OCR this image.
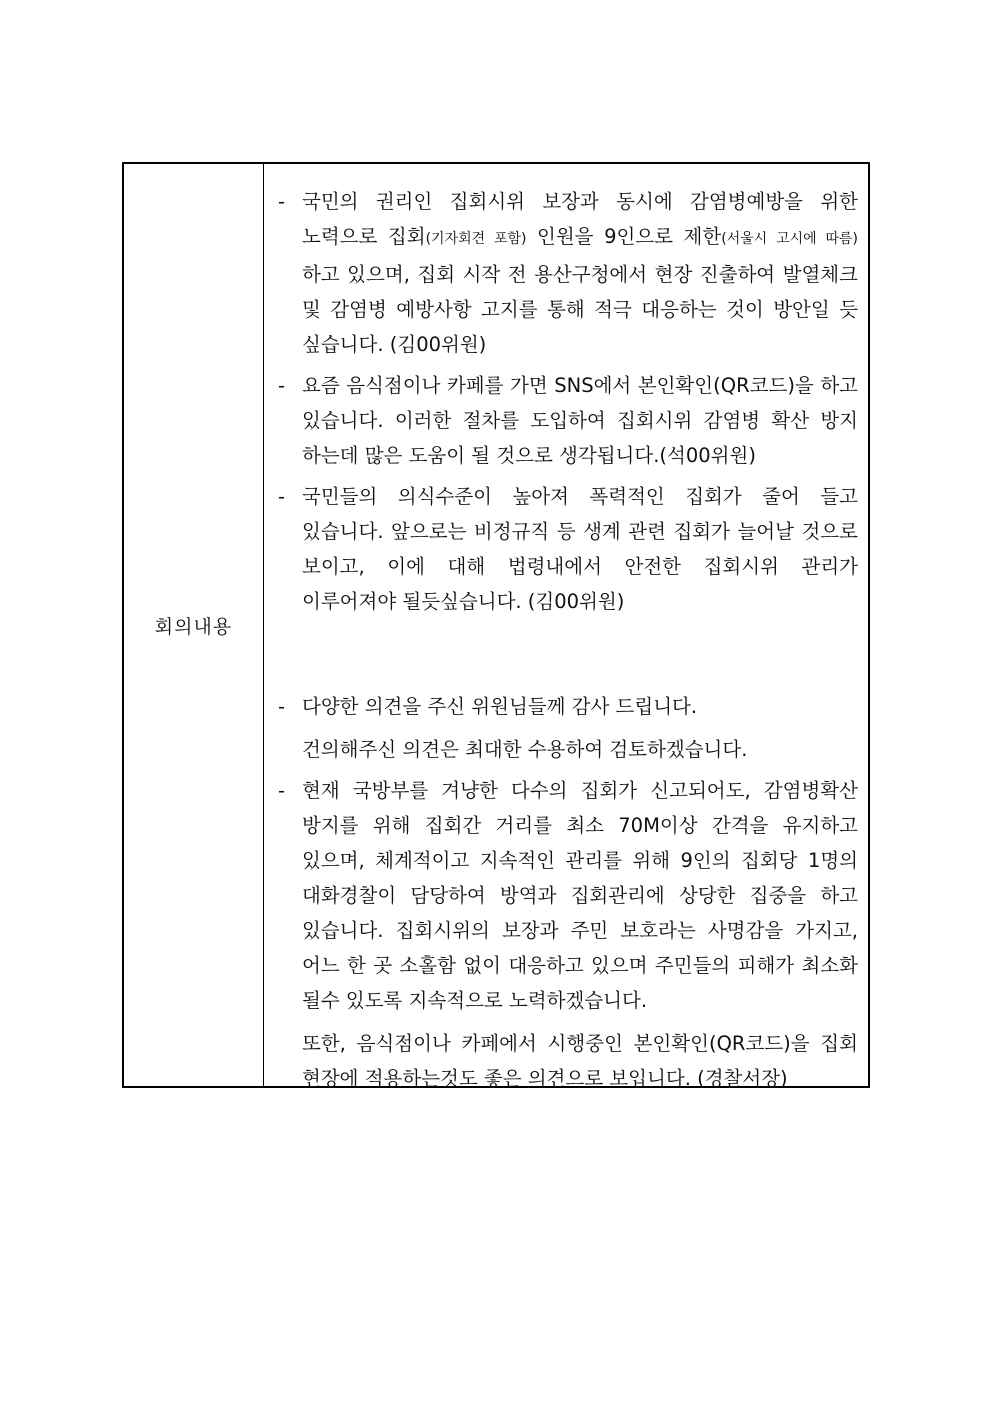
회의내용
- 국민의 권리인 집회시위 보장과 동시에 감염병예방을 위한 노력으로 집회(기자회견 포함) 인원을 9인으로 제한(서울시 고시에 따름)하고 있으며, 집회 시작 전 용산구청에서 현장 진출하여 발열체크 및 감염병 예방사항 고지를 통해 적극 대응하는 것이 방안일 듯 싶습니다. (김00위원)
- 요즘 음식점이나 카페를 가면 SNS에서 본인확인(QR코드)을 하고 있습니다. 이러한 절차를 도입하여 집회시위 감염병 확산 방지 하는데 많은 도움이 될 것으로 생각됩니다.(석00위원)
- 국민들의 의식수준이 높아져 폭력적인 집회가 줄어 들고 있습니다. 앞으로는 비정규직 등 생계 관련 집회가 늘어날 것으로 보이고, 이에 대해 법령내에서 안전한 집회시위 관리가 이루어져야 될듯싶습니다. (김00위원)
- 다양한 의견을 주신 위원님들께 감사 드립니다.
건의해주신 의견은 최대한 수용하여 검토하겠습니다.
- 현재 국방부를 겨냥한 다수의 집회가 신고되어도, 감염병확산 방지를 위해 집회간 거리를 최소 70M이상 간격을 유지하고 있으며, 체계적이고 지속적인 관리를 위해 9인의 집회당 1명의 대화경찰이 담당하여 방역과 집회관리에 상당한 집중을 하고 있습니다. 집회시위의 보장과 주민 보호라는 사명감을 가지고, 어느 한 곳 소홀함 없이 대응하고 있으며 주민들의 피해가 최소화 될수 있도록 지속적으로 노력하겠습니다.
또한, 음식점이나 카페에서 시행중인 본인확인(QR코드)을 집회 현장에 적용하는것도 좋은 의견으로 보입니다. (경찰서장)
